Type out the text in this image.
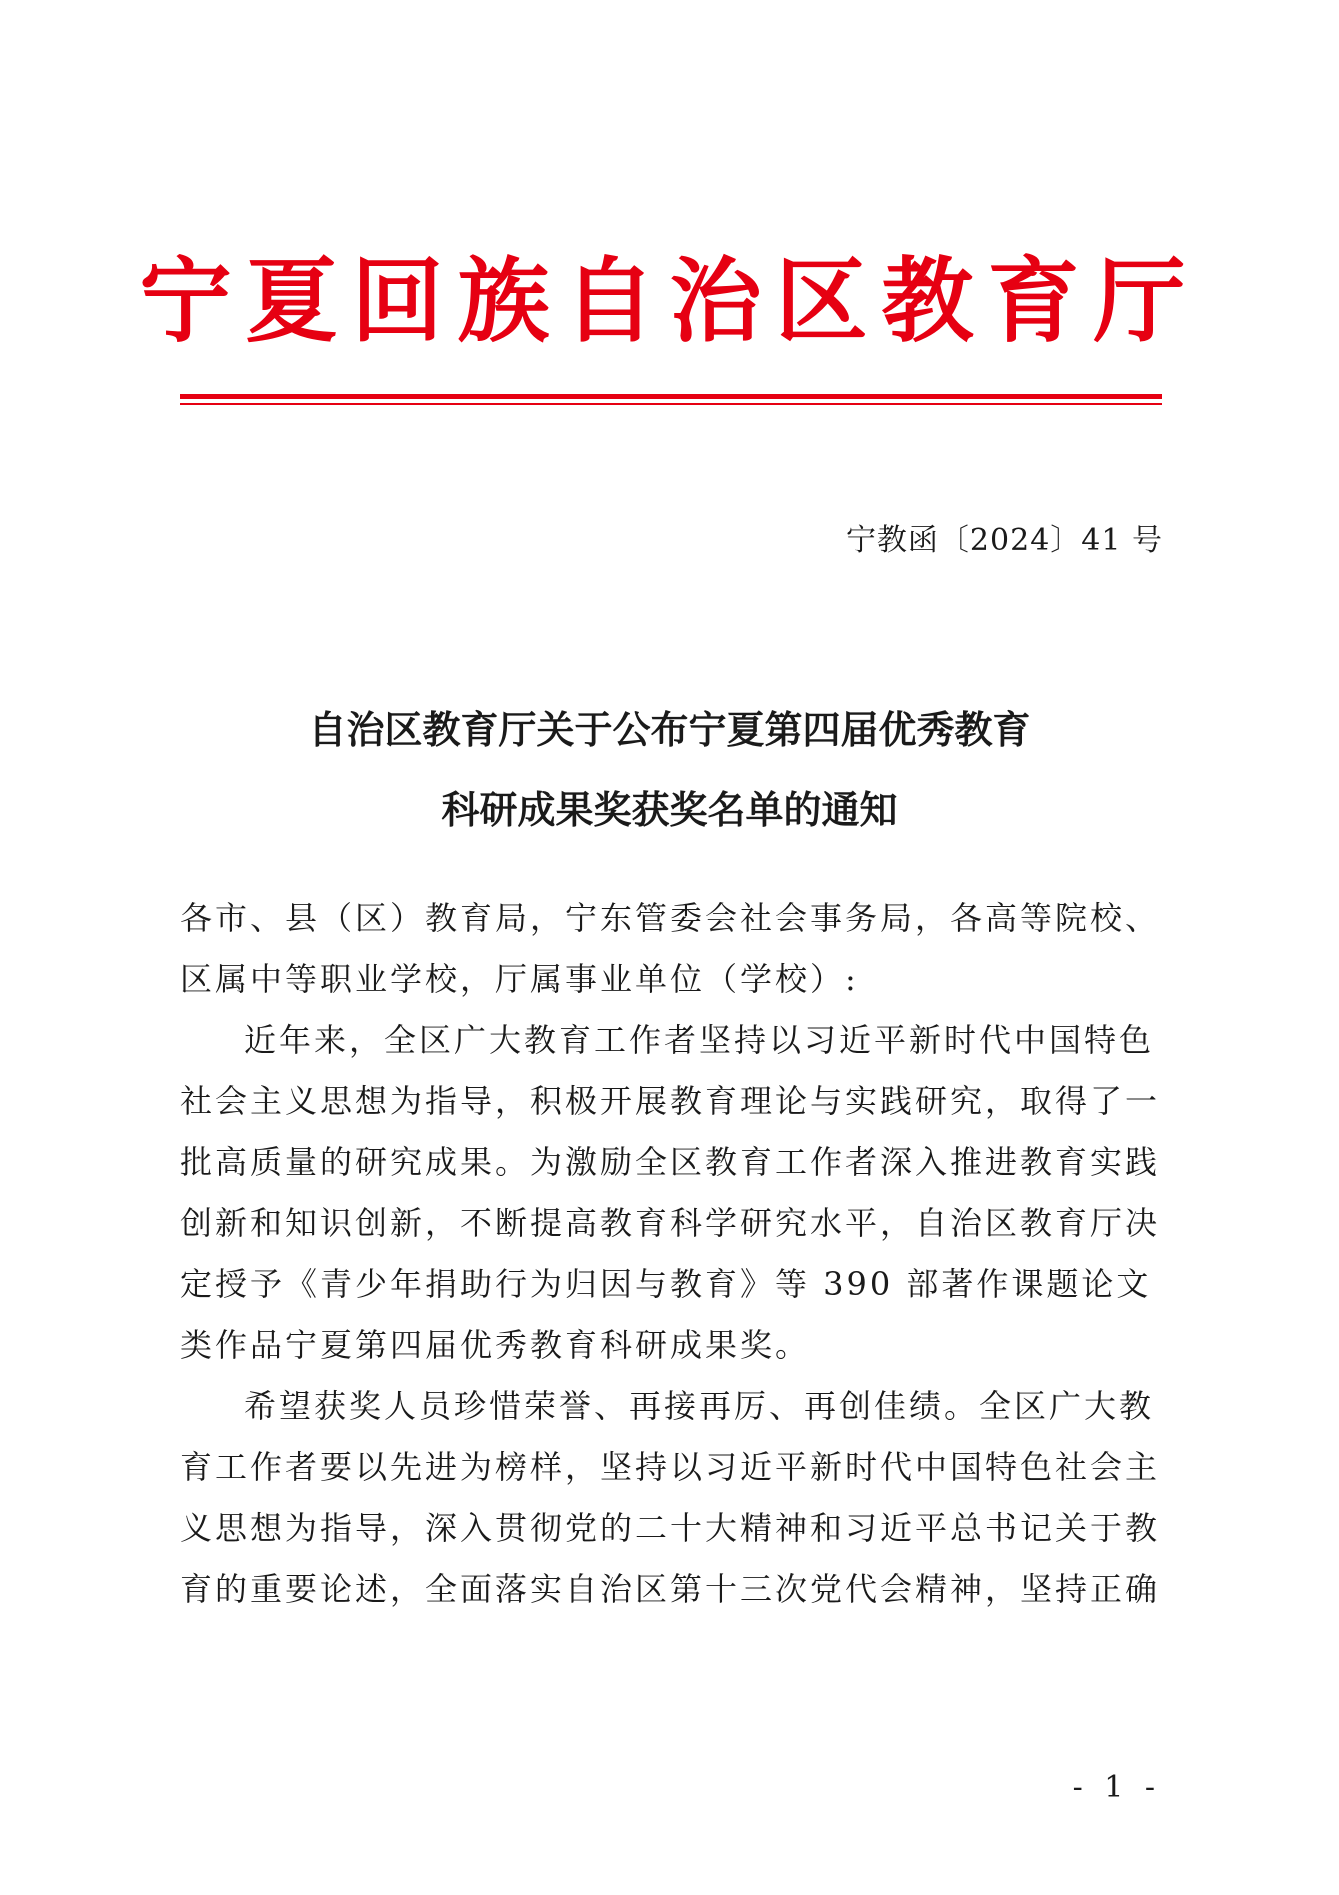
宁夏回族自治区教育厅
宁教函〔2024〕41 号
自治区教育厅关于公布宁夏第四届优秀教育
科研成果奖获奖名单的通知

各市、县（区）教育局，宁东管委会社会事务局，各高等院校、区属中等职业学校，厅属事业单位（学校）:

近年来，全区广大教育工作者坚持以习近平新时代中国特色社会主义思想为指导，积极开展教育理论与实践研究，取得了一批高质量的研究成果。为激励全区教育工作者深入推进教育实践创新和知识创新，不断提高教育科学研究水平，自治区教育厅决定授予《青少年捐助行为归因与教育》等 390 部著作课题论文类作品宁夏第四届优秀教育科研成果奖。

希望获奖人员珍惜荣誉、再接再厉、再创佳绩。全区广大教育工作者要以先进为榜样，坚持以习近平新时代中国特色社会主义思想为指导，深入贯彻党的二十大精神和习近平总书记关于教育的重要论述，全面落实自治区第十三次党代会精神，坚持正确

- 1 -
